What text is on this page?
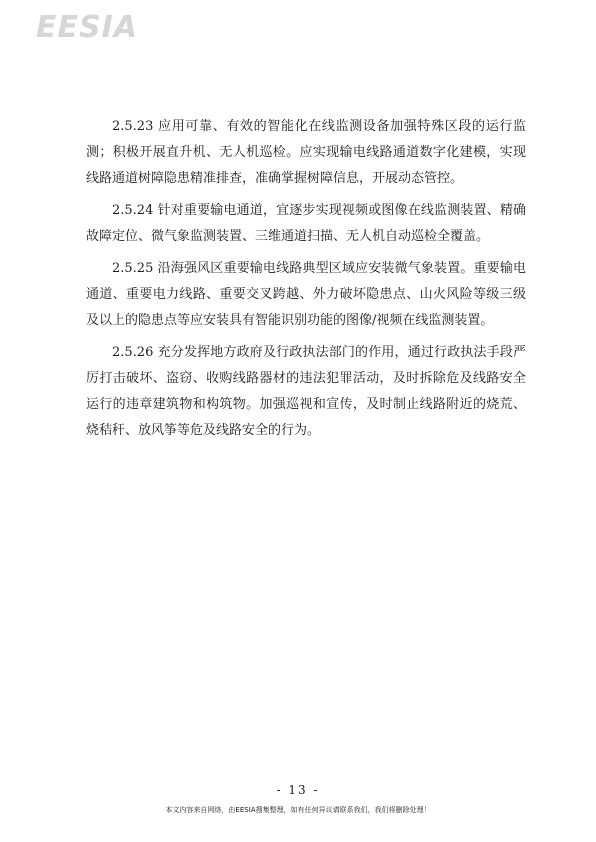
EESIA

2.5.23 应用可靠、有效的智能化在线监测设备加强特殊区段的运行监测；积极开展直升机、无人机巡检。应实现输电线路通道数字化建模，实现线路通道树障隐患精准排查，准确掌握树障信息，开展动态管控。

2.5.24 针对重要输电通道，宜逐步实现视频或图像在线监测装置、精确故障定位、微气象监测装置、三维通道扫描、无人机自动巡检全覆盖。

2.5.25 沿海强风区重要输电线路典型区域应安装微气象装置。重要输电通道、重要电力线路、重要交叉跨越、外力破坏隐患点、山火风险等级三级及以上的隐患点等应安装具有智能识别功能的图像/视频在线监测装置。

2.5.26 充分发挥地方政府及行政执法部门的作用，通过行政执法手段严厉打击破坏、盗窃、收购线路器材的违法犯罪活动，及时拆除危及线路安全运行的违章建筑物和构筑物。加强巡视和宣传，及时制止线路附近的烧荒、烧秸秆、放风筝等危及线路安全的行为。

- 13 -
本文内容来自网络，由EESIA搜集整理，如有任何异议请联系我们，我们将删除处理！
